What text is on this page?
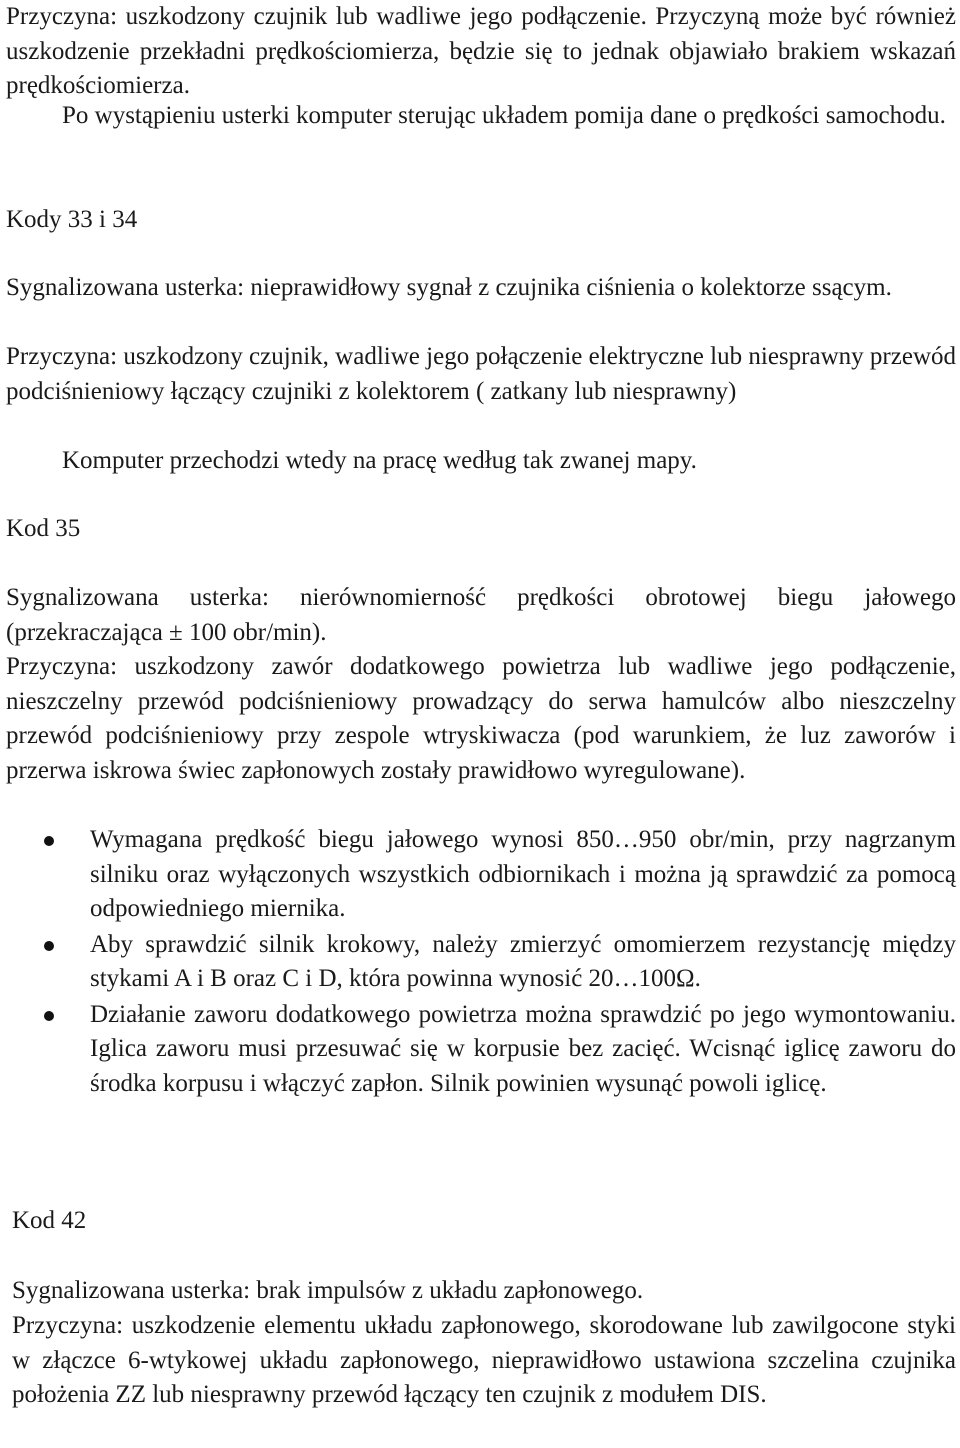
Przyczyna: uszkodzony czujnik lub wadliwe jego podłączenie. Przyczyną może być również uszkodzenie przekładni prędkościomierza, będzie się to jednak objawiało brakiem wskazań prędkościomierza.

Po wystąpieniu usterki komputer sterując układem pomija dane o prędkości samochodu.

Kody 33 i 34

Sygnalizowana usterka: nieprawidłowy sygnał z czujnika ciśnienia o kolektorze ssącym.

Przyczyna: uszkodzony czujnik, wadliwe jego połączenie elektryczne lub niesprawny przewód podciśnieniowy łączący czujniki z kolektorem ( zatkany lub niesprawny)

Komputer przechodzi wtedy na pracę według tak zwanej mapy.

Kod 35

Sygnalizowana usterka: nierównomierność prędkości obrotowej biegu jałowego (przekraczająca ± 100 obr/min).

Przyczyna: uszkodzony zawór dodatkowego powietrza lub wadliwe jego podłączenie, nieszczelny przewód podciśnieniowy prowadzący do serwa hamulców albo nieszczelny przewód podciśnieniowy przy zespole wtryskiwacza (pod warunkiem, że luz zaworów i przerwa iskrowa świec zapłonowych zostały prawidłowo wyregulowane).

Wymagana prędkość biegu jałowego wynosi 850…950 obr/min, przy nagrzanym silniku oraz wyłączonych wszystkich odbiornikach i można ją sprawdzić za pomocą odpowiedniego miernika.
Aby sprawdzić silnik krokowy, należy zmierzyć omomierzem rezystancję między stykami A i B oraz C i D, która powinna wynosić 20…100Ω.
Działanie zaworu dodatkowego powietrza można sprawdzić po jego wymontowaniu. Iglica zaworu musi przesuwać się w korpusie bez zacięć. Wcisnąć iglicę zaworu do środka korpusu i włączyć zapłon. Silnik powinien wysunąć powoli iglicę.

Kod 42

Sygnalizowana usterka: brak impulsów z układu zapłonowego.

Przyczyna: uszkodzenie elementu układu zapłonowego, skorodowane lub zawilgocone styki w złączce 6-wtykowej układu zapłonowego, nieprawidłowo ustawiona szczelina czujnika położenia ZZ lub niesprawny przewód łączący ten czujnik z modułem DIS.
